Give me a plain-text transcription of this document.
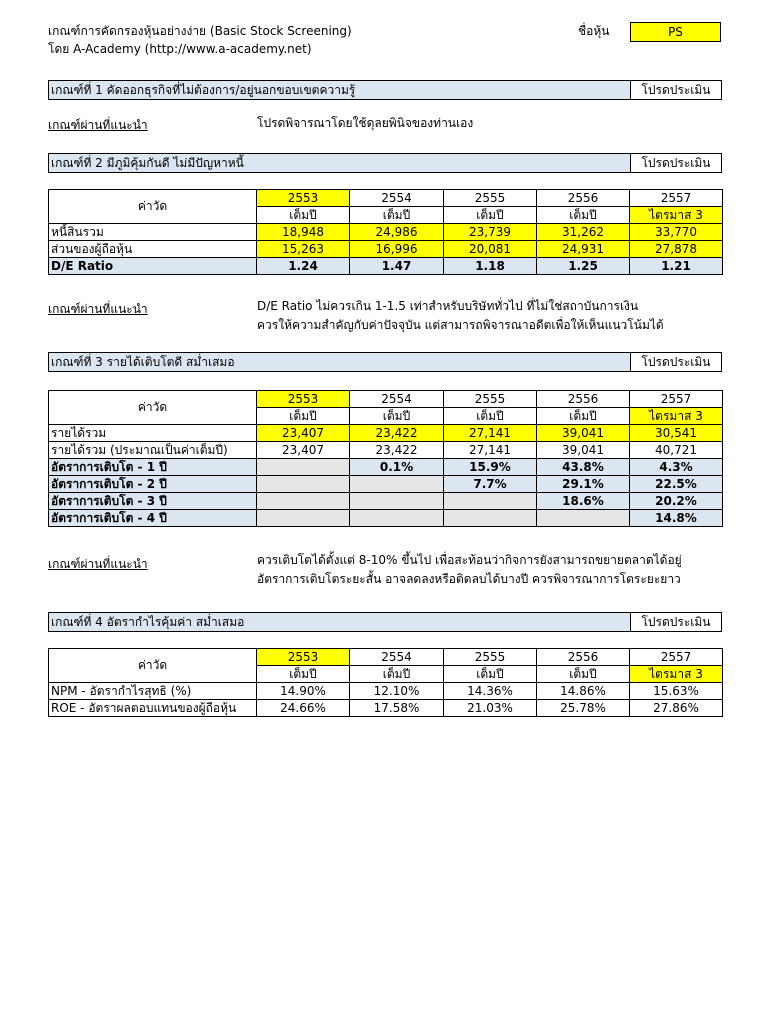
เกณฑ์การคัดกรองหุ้นอย่างง่าย (Basic Stock Screening)
โดย A-Academy (http://www.a-academy.net)
ชื่อหุ้น	PS
เกณฑ์ที่ 1 คัดออกธุรกิจที่ไม่ต้องการ/อยู่นอกขอบเขตความรู้	โปรดประเมิน
เกณฑ์ผ่านที่แนะนำ	โปรดพิจารณาโดยใช้ดุลยพินิจของท่านเอง
เกณฑ์ที่ 2 มีภูมิคุ้มกันดี ไม่มีปัญหาหนี้	โปรดประเมิน
ค่าวัด	2553	2554	2555	2556	2557
	เต็มปี	เต็มปี	เต็มปี	เต็มปี	ไตรมาส 3
หนี้สินรวม	18,948	24,986	23,739	31,262	33,770
ส่วนของผู้ถือหุ้น	15,263	16,996	20,081	24,931	27,878
D/E Ratio	1.24	1.47	1.18	1.25	1.21
เกณฑ์ผ่านที่แนะนำ	D/E Ratio ไม่ควรเกิน 1-1.5 เท่าสำหรับบริษัททั่วไป ที่ไม่ใช่สถาบันการเงิน
ควรให้ความสำคัญกับค่าปัจจุบัน แต่สามารถพิจารณาอดีตเพื่อให้เห็นแนวโน้มได้
เกณฑ์ที่ 3 รายได้เติบโตดี สม่ำเสมอ	โปรดประเมิน
ค่าวัด	2553	2554	2555	2556	2557
	เต็มปี	เต็มปี	เต็มปี	เต็มปี	ไตรมาส 3
รายได้รวม	23,407	23,422	27,141	39,041	30,541
รายได้รวม (ประมาณเป็นค่าเต็มปี)	23,407	23,422	27,141	39,041	40,721
อัตราการเติบโต - 1 ปี		0.1%	15.9%	43.8%	4.3%
อัตราการเติบโต - 2 ปี			7.7%	29.1%	22.5%
อัตราการเติบโต - 3 ปี				18.6%	20.2%
อัตราการเติบโต - 4 ปี					14.8%
เกณฑ์ผ่านที่แนะนำ	ควรเติบโตได้ตั้งแต่ 8-10% ขึ้นไป เพื่อสะท้อนว่ากิจการยังสามารถขยายตลาดได้อยู่
อัตราการเติบโตระยะสั้น อาจลดลงหรือติดลบได้บางปี ควรพิจารณาการโตระยะยาว
เกณฑ์ที่ 4 อัตรากำไรคุ้มค่า สม่ำเสมอ	โปรดประเมิน
ค่าวัด	2553	2554	2555	2556	2557
	เต็มปี	เต็มปี	เต็มปี	เต็มปี	ไตรมาส 3
NPM - อัตรากำไรสุทธิ (%)	14.90%	12.10%	14.36%	14.86%	15.63%
ROE - อัตราผลตอบแทนของผู้ถือหุ้น	24.66%	17.58%	21.03%	25.78%	27.86%
